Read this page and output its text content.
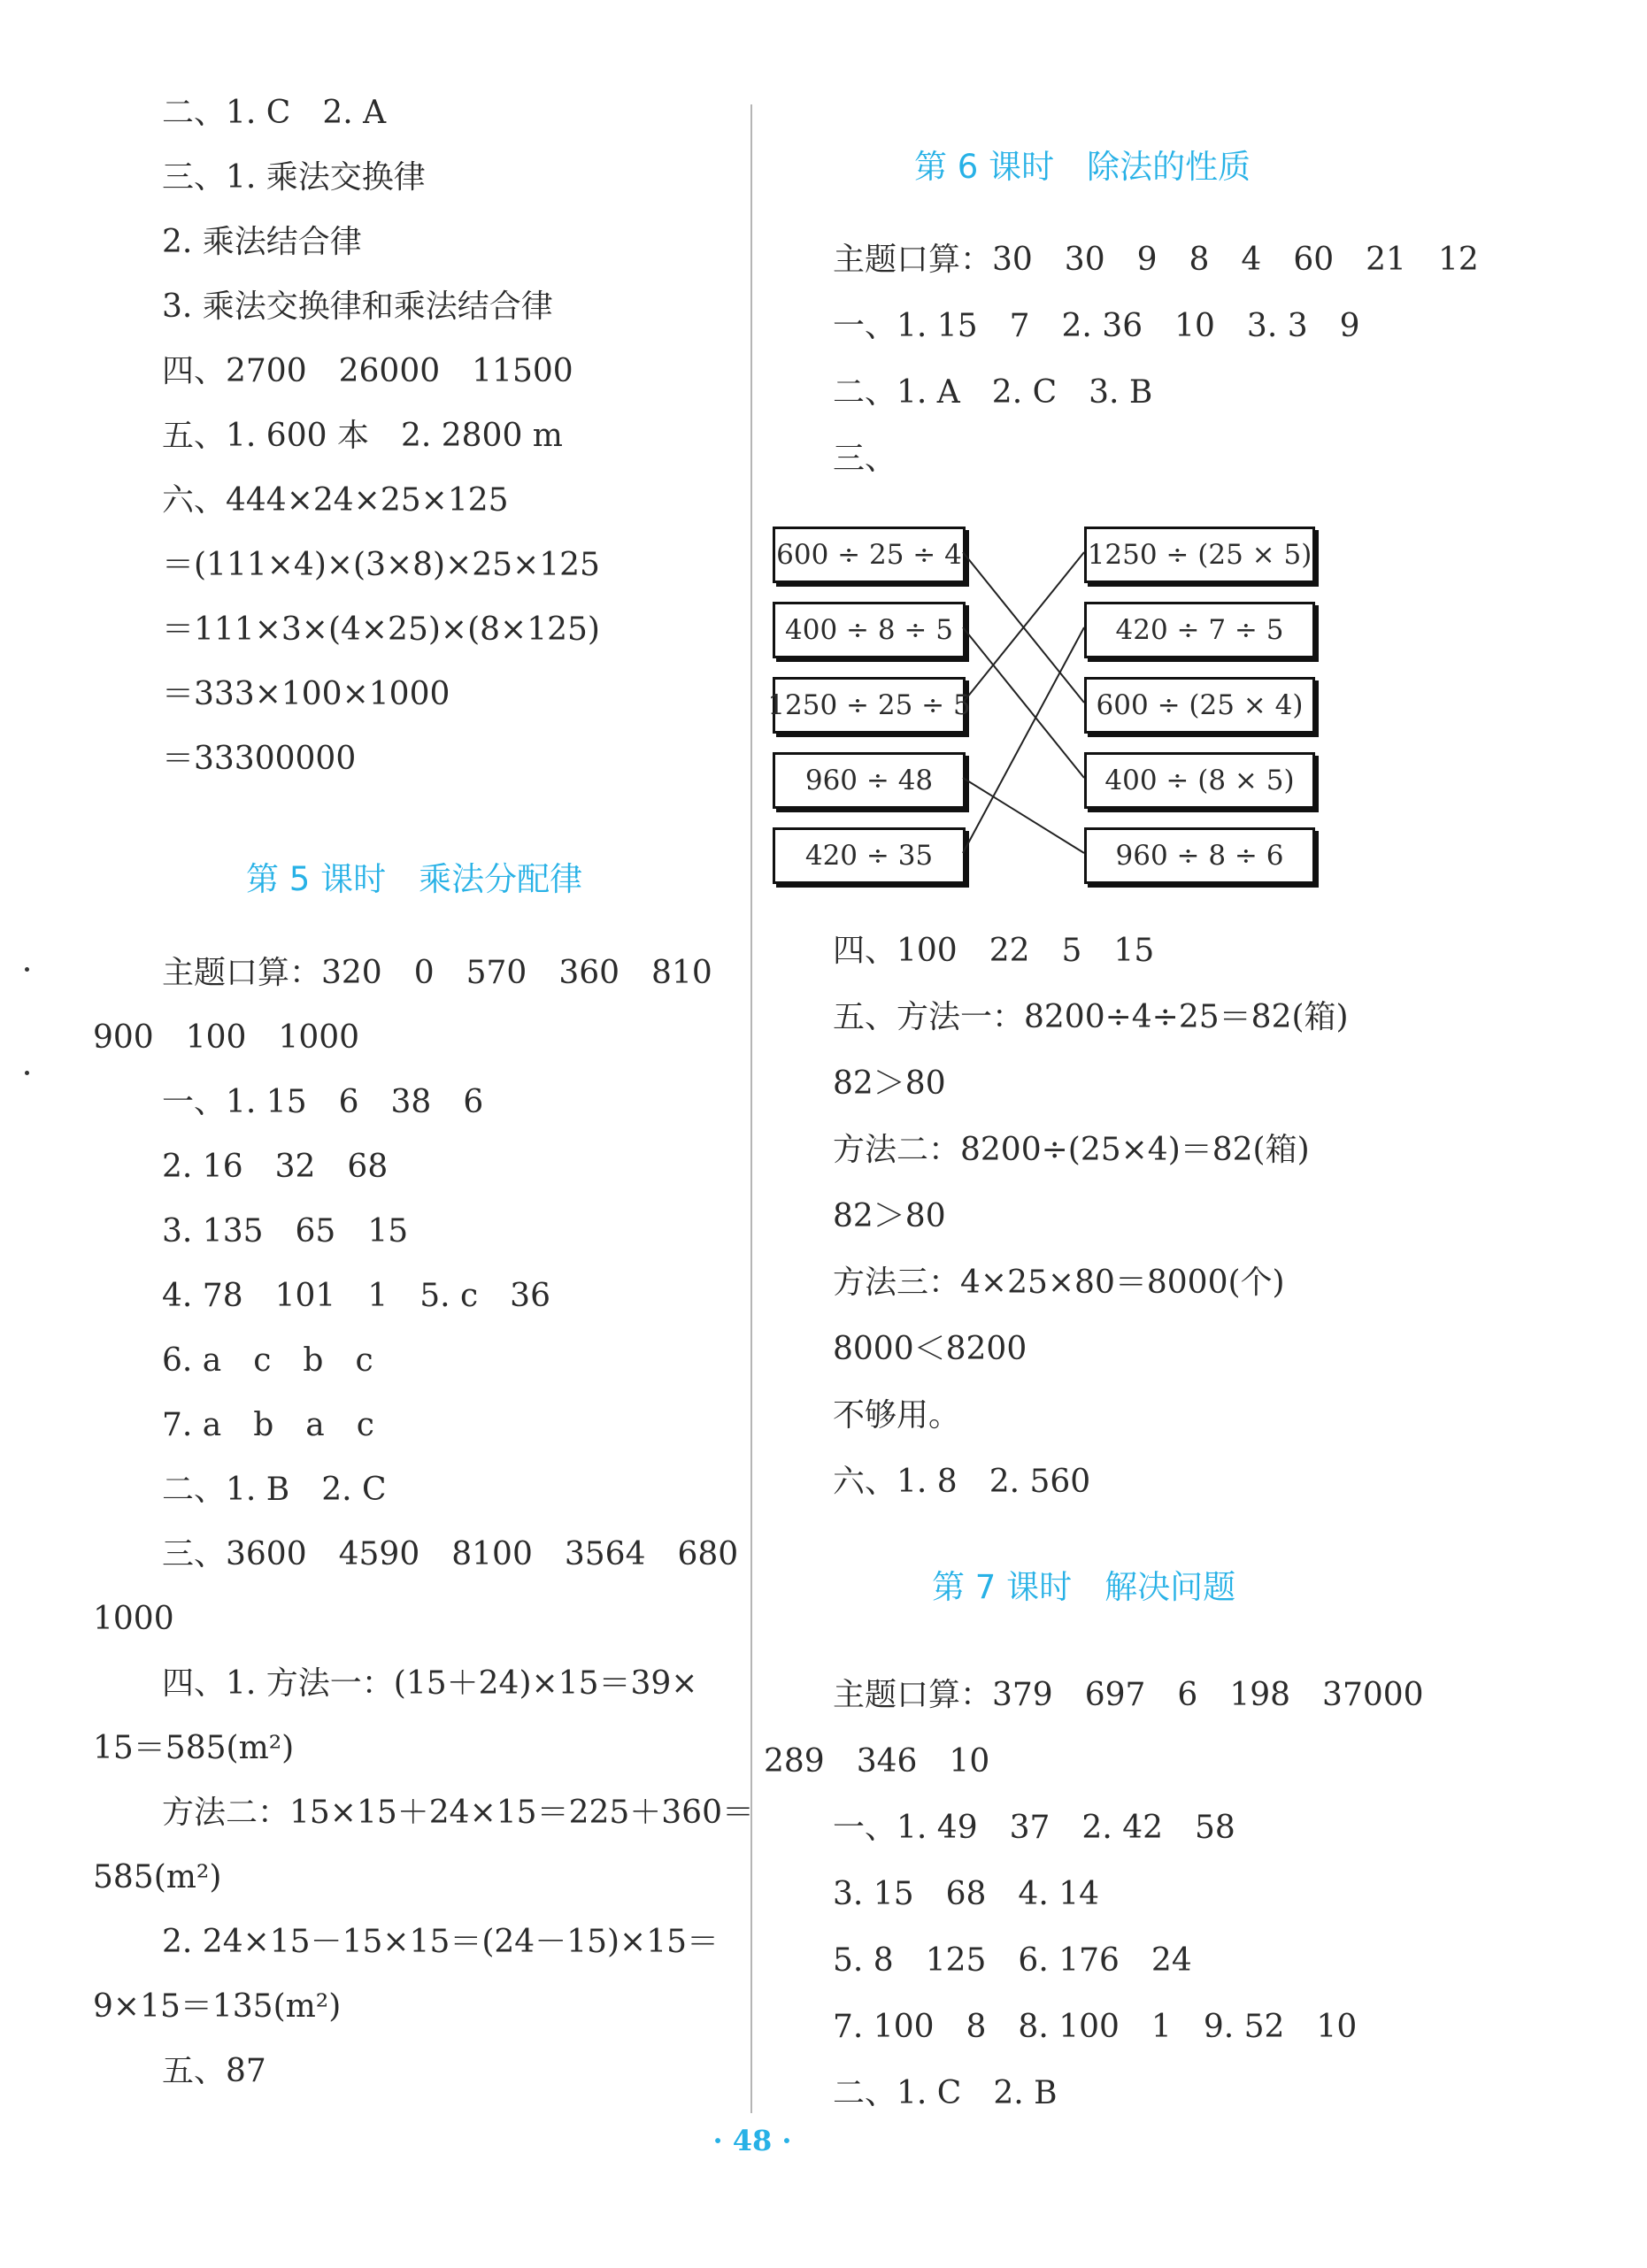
二、1. C　2. A
三、1. 乘法交换律
2. 乘法结合律
3. 乘法交换律和乘法结合律
四、2700　26000　11500
五、1. 600 本　2. 2800 m
六、444×24×25×125
＝(111×4)×(3×8)×25×125
＝111×3×(4×25)×(8×125)
＝333×100×1000
＝33300000
第 5 课时　乘法分配律
主题口算：320　0　570　360　810
900　100　1000
一、1. 15　6　38　6
2. 16　32　68
3. 135　65　15
4. 78　101　1　5. c　36
6. a　c　b　c
7. a　b　a　c
二、1. B　2. C
三、3600　4590　8100　3564　680
1000
四、1. 方法一：(15＋24)×15＝39×
15＝585(m²)
方法二：15×15＋24×15＝225＋360＝
585(m²)
2. 24×15－15×15＝(24－15)×15＝
9×15＝135(m²)
五、87
第 6 课时　除法的性质
主题口算：30　30　9　8　4　60　21　12
一、1. 15　7　2. 36　10　3. 3　9
二、1. A　2. C　3. B
三、
600 ÷ 25 ÷ 4
400 ÷ 8 ÷ 5
1250 ÷ 25 ÷ 5
960 ÷ 48
420 ÷ 35
1250 ÷ (25 × 5)
420 ÷ 7 ÷ 5
600 ÷ (25 × 4)
400 ÷ (8 × 5)
960 ÷ 8 ÷ 6
四、100　22　5　15
五、方法一：8200÷4÷25＝82(箱)
82＞80
方法二：8200÷(25×4)＝82(箱)
82＞80
方法三：4×25×80＝8000(个)
8000＜8200
不够用。
六、1. 8　2. 560
第 7 课时　解决问题
主题口算：379　697　6　198　37000
289　346　10
一、1. 49　37　2. 42　58
3. 15　68　4. 14
5. 8　125　6. 176　24
7. 100　8　8. 100　1　9. 52　10
二、1. C　2. B
· 48 ·
